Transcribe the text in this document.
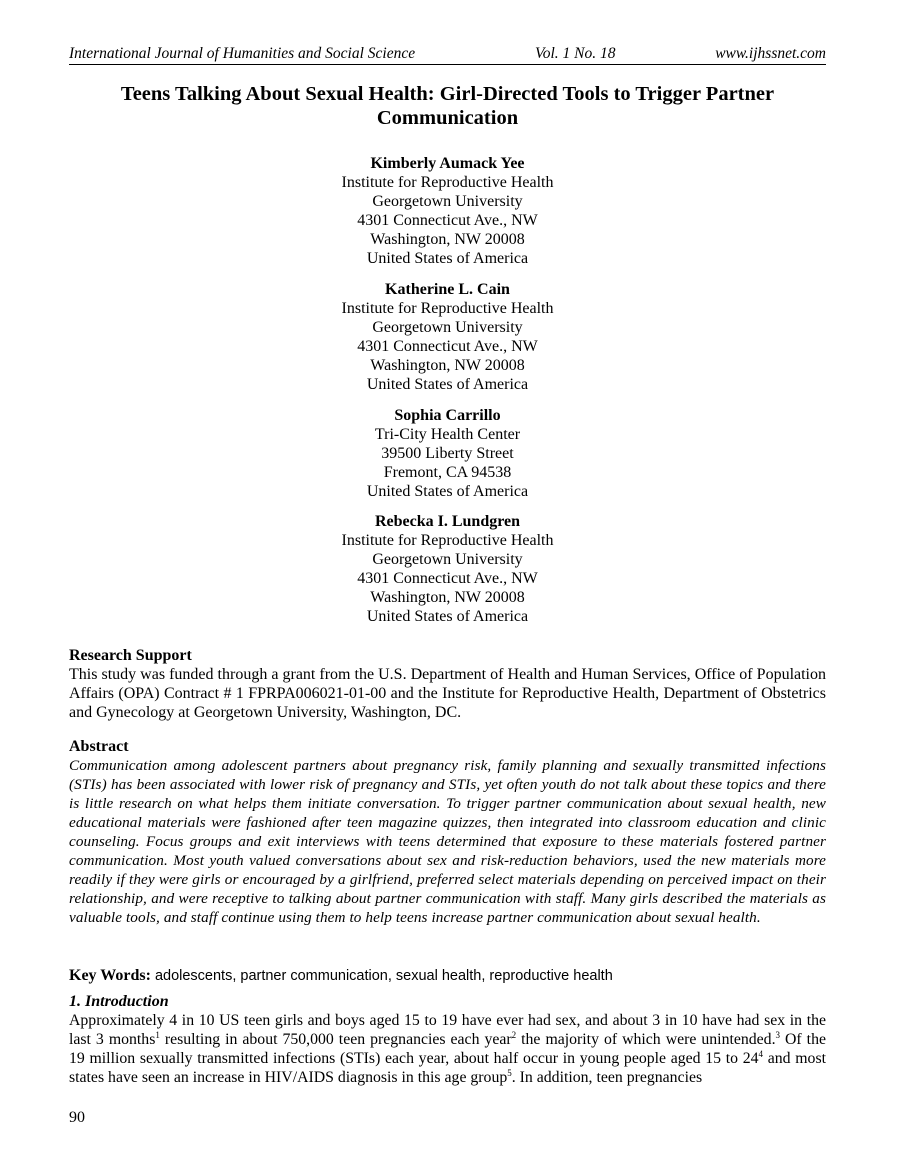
International Journal of Humanities and Social Science	Vol. 1 No. 18	www.ijhssnet.com
Teens Talking About Sexual Health: Girl-Directed Tools to Trigger Partner Communication
Kimberly Aumack Yee
Institute for Reproductive Health
Georgetown University
4301 Connecticut Ave., NW
Washington, NW 20008
United States of America
Katherine L. Cain
Institute for Reproductive Health
Georgetown University
4301 Connecticut Ave., NW
Washington, NW 20008
United States of America
Sophia Carrillo
Tri-City Health Center
39500 Liberty Street
Fremont, CA 94538
United States of America
Rebecka I. Lundgren
Institute for Reproductive Health
Georgetown University
4301 Connecticut Ave., NW
Washington, NW 20008
United States of America
Research Support

This study was funded through a grant from the U.S. Department of Health and Human Services, Office of Population Affairs (OPA) Contract # 1 FPRPA006021-01-00 and the Institute for Reproductive Health, Department of Obstetrics and Gynecology at Georgetown University, Washington, DC.

Abstract

Communication among adolescent partners about pregnancy risk, family planning and sexually transmitted infections (STIs) has been associated with lower risk of pregnancy and STIs, yet often youth do not talk about these topics and there is little research on what helps them initiate conversation. To trigger partner communication about sexual health, new educational materials were fashioned after teen magazine quizzes, then integrated into classroom education and clinic counseling. Focus groups and exit interviews with teens determined that exposure to these materials fostered partner communication. Most youth valued conversations about sex and risk-reduction behaviors, used the new materials more readily if they were girls or encouraged by a girlfriend, preferred select materials depending on perceived impact on their relationship, and were receptive to talking about partner communication with staff. Many girls described the materials as valuable tools, and staff continue using them to help teens increase partner communication about sexual health.

Key Words: adolescents, partner communication, sexual health, reproductive health

1. Introduction

Approximately 4 in 10 US teen girls and boys aged 15 to 19 have ever had sex, and about 3 in 10 have had sex in the last 3 months$^1$ resulting in about 750,000 teen pregnancies each year$^2$ the majority of which were unintended.$^3$ Of the 19 million sexually transmitted infections (STIs) each year, about half occur in young people aged 15 to $24^4$ and most states have seen an increase in HIV/AIDS diagnosis in this age group$^5$. In addition, teen pregnancies

90
